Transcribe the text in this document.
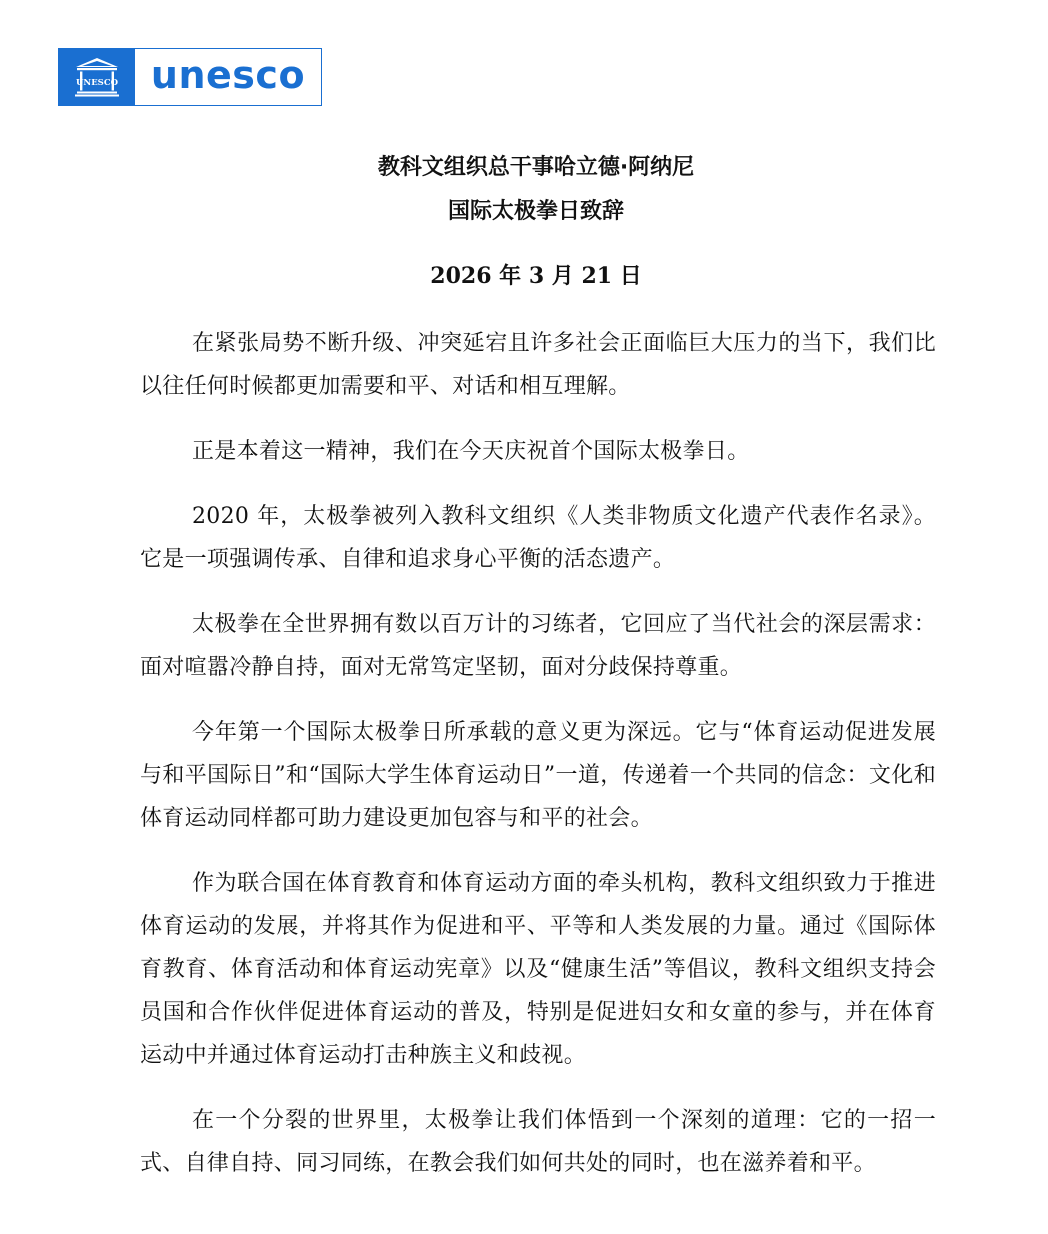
UNESCO unesco
教科文组织总干事哈立德·阿纳尼
国际太极拳日致辞
2026 年 3 月 21 日

在紧张局势不断升级、冲突延宕且许多社会正面临巨大压力的当下，我们比以往任何时候都更加需要和平、对话和相互理解。

正是本着这一精神，我们在今天庆祝首个国际太极拳日。

2020 年，太极拳被列入教科文组织《人类非物质文化遗产代表作名录》。它是一项强调传承、自律和追求身心平衡的活态遗产。

太极拳在全世界拥有数以百万计的习练者，它回应了当代社会的深层需求：面对喧嚣冷静自持，面对无常笃定坚韧，面对分歧保持尊重。

今年第一个国际太极拳日所承载的意义更为深远。它与“体育运动促进发展与和平国际日”和“国际大学生体育运动日”一道，传递着一个共同的信念：文化和体育运动同样都可助力建设更加包容与和平的社会。

作为联合国在体育教育和体育运动方面的牵头机构，教科文组织致力于推进体育运动的发展，并将其作为促进和平、平等和人类发展的力量。通过《国际体育教育、体育活动和体育运动宪章》以及“健康生活”等倡议，教科文组织支持会员国和合作伙伴促进体育运动的普及，特别是促进妇女和女童的参与，并在体育运动中并通过体育运动打击种族主义和歧视。

在一个分裂的世界里，太极拳让我们体悟到一个深刻的道理：它的一招一式、自律自持、同习同练，在教会我们如何共处的同时，也在滋养着和平。
